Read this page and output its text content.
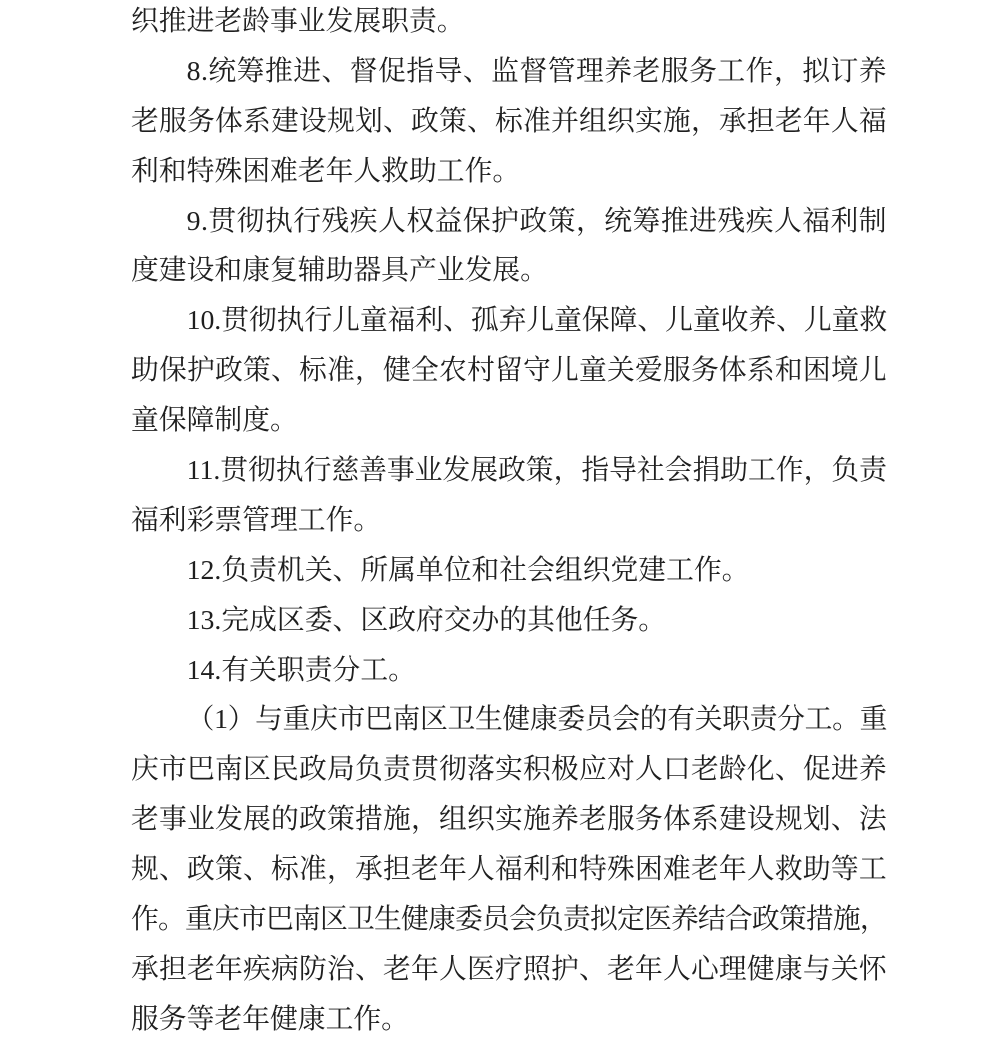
织推进老龄事业发展职责。
8.统筹推进、督促指导、监督管理养老服务工作，拟订养
老服务体系建设规划、政策、标准并组织实施，承担老年人福
利和特殊困难老年人救助工作。
9.贯彻执行残疾人权益保护政策，统筹推进残疾人福利制
度建设和康复辅助器具产业发展。
10.贯彻执行儿童福利、孤弃儿童保障、儿童收养、儿童救
助保护政策、标准，健全农村留守儿童关爱服务体系和困境儿
童保障制度。
11.贯彻执行慈善事业发展政策，指导社会捐助工作，负责
福利彩票管理工作。
12.负责机关、所属单位和社会组织党建工作。
13.完成区委、区政府交办的其他任务。
14.有关职责分工。
（1）与重庆市巴南区卫生健康委员会的有关职责分工。重
庆市巴南区民政局负责贯彻落实积极应对人口老龄化、促进养
老事业发展的政策措施，组织实施养老服务体系建设规划、法
规、政策、标准，承担老年人福利和特殊困难老年人救助等工
作。重庆市巴南区卫生健康委员会负责拟定医养结合政策措施，
承担老年疾病防治、老年人医疗照护、老年人心理健康与关怀
服务等老年健康工作。
